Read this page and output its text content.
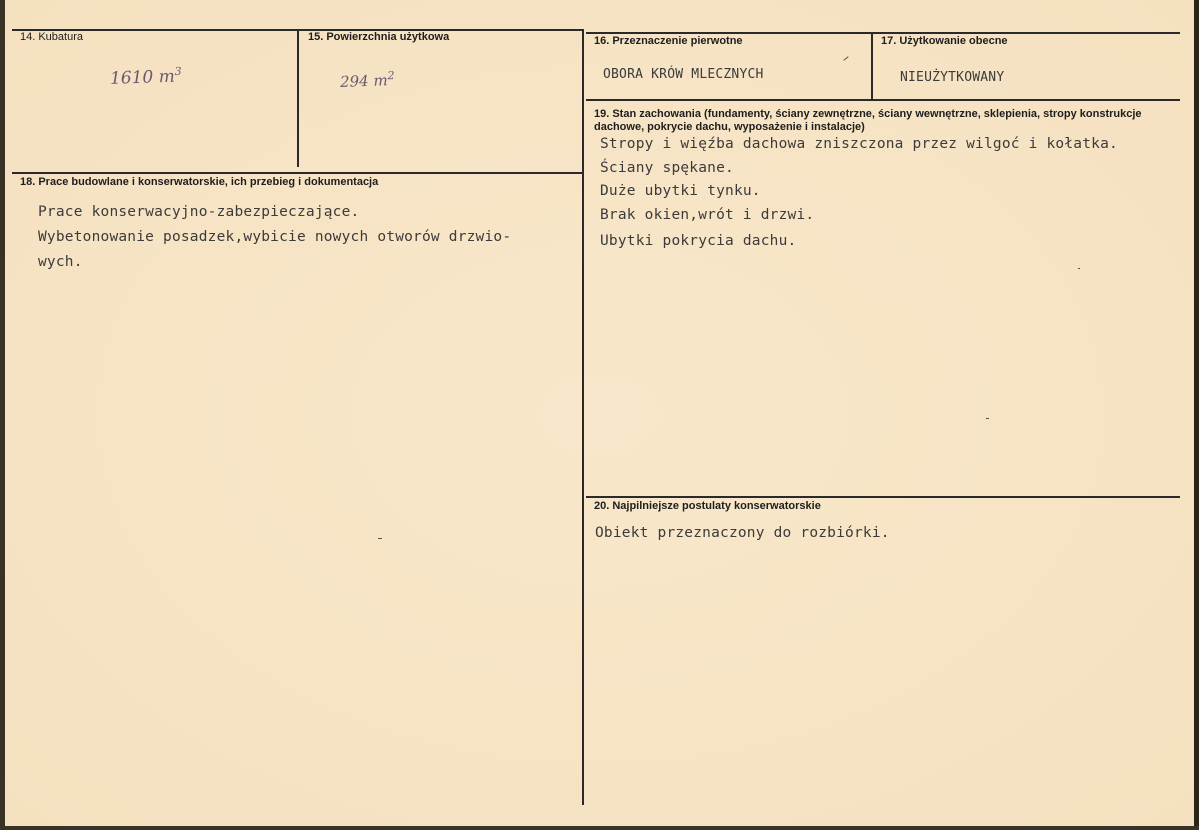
14. Kubatura
1610 $m^3$
15. Powierzchnia użytkowa
294 $m^2$
16. Przeznaczenie pierwotne
OBORA KRÓW MLECZNYCH
17. Użytkowanie obecne
NIEUŻYTKOWANY
18. Prace budowlane i konserwatorskie, ich przebieg i dokumentacja
Prace konserwacyjno-zabezpieczające.
Wybetonowanie posadzek,wybicie nowych otworów drzwio-
wych.
19. Stan zachowania (fundamenty, ściany zewnętrzne, ściany wewnętrzne, sklepienia, stropy konstrukcje dachowe, pokrycie dachu, wyposażenie i instalacje)
Stropy i więźba dachowa zniszczona przez wilgoć i kołatka.
Ściany spękane.
Duże ubytki tynku.
Brak okien,wrót i drzwi.
Ubytki pokrycia dachu.
20. Najpilniejsze postulaty konserwatorskie
Obiekt przeznaczony do rozbiórki.
